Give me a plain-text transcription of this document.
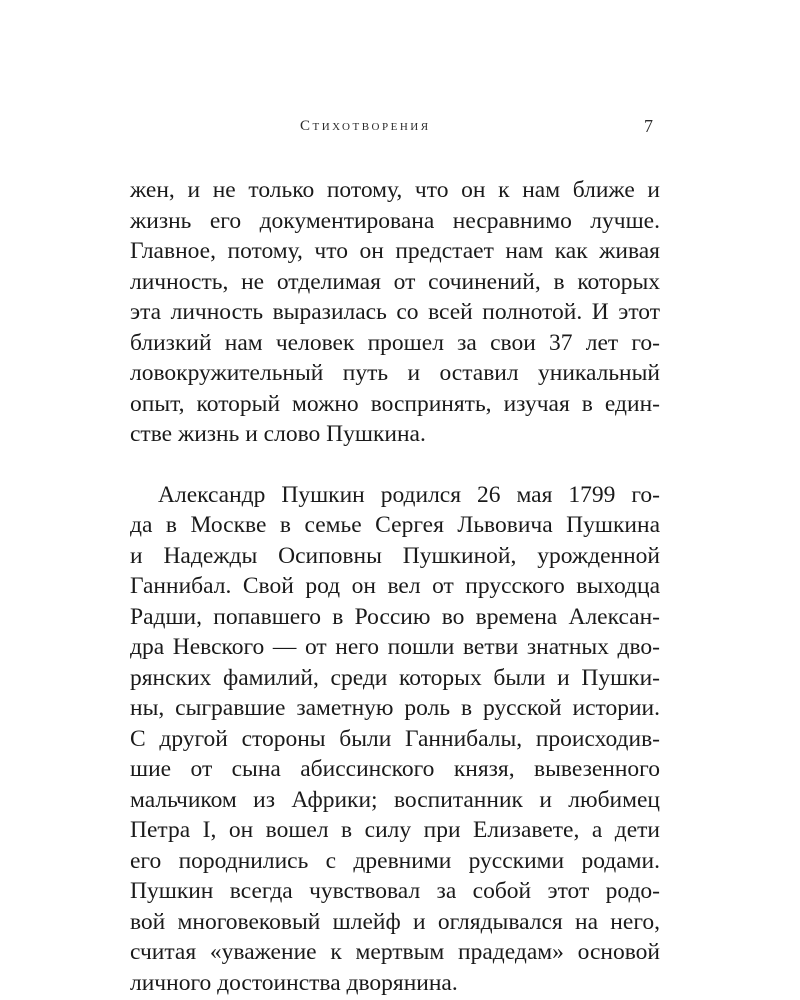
Стихотворения	7
жен, и не только потому, что он к нам ближе и
жизнь его документирована несравнимо лучше.
Главное, потому, что он предстает нам как живая
личность, не отделимая от сочинений, в которых
эта личность выразилась со всей полнотой. И этот
близкий нам человек прошел за свои 37 лет го-
ловокружительный путь и оставил уникальный
опыт, который можно воспринять, изучая в един-
стве жизнь и слово Пушкина.
Александр Пушкин родился 26 мая 1799 го-
да в Москве в семье Сергея Львовича Пушкина
и Надежды Осиповны Пушкиной, урожденной
Ганнибал. Свой род он вел от прусского выходца
Радши, попавшего в Россию во времена Алексан-
дра Невского — от него пошли ветви знатных дво-
рянских фамилий, среди которых были и Пушки-
ны, сыгравшие заметную роль в русской истории.
С другой стороны были Ганнибалы, происходив-
шие от сына абиссинского князя, вывезенного
мальчиком из Африки; воспитанник и любимец
Петра I, он вошел в силу при Елизавете, а дети
его породнились с древними русскими родами.
Пушкин всегда чувствовал за собой этот родо-
вой многовековый шлейф и оглядывался на него,
считая «уважение к мертвым прадедам» основой
личного достоинства дворянина.
